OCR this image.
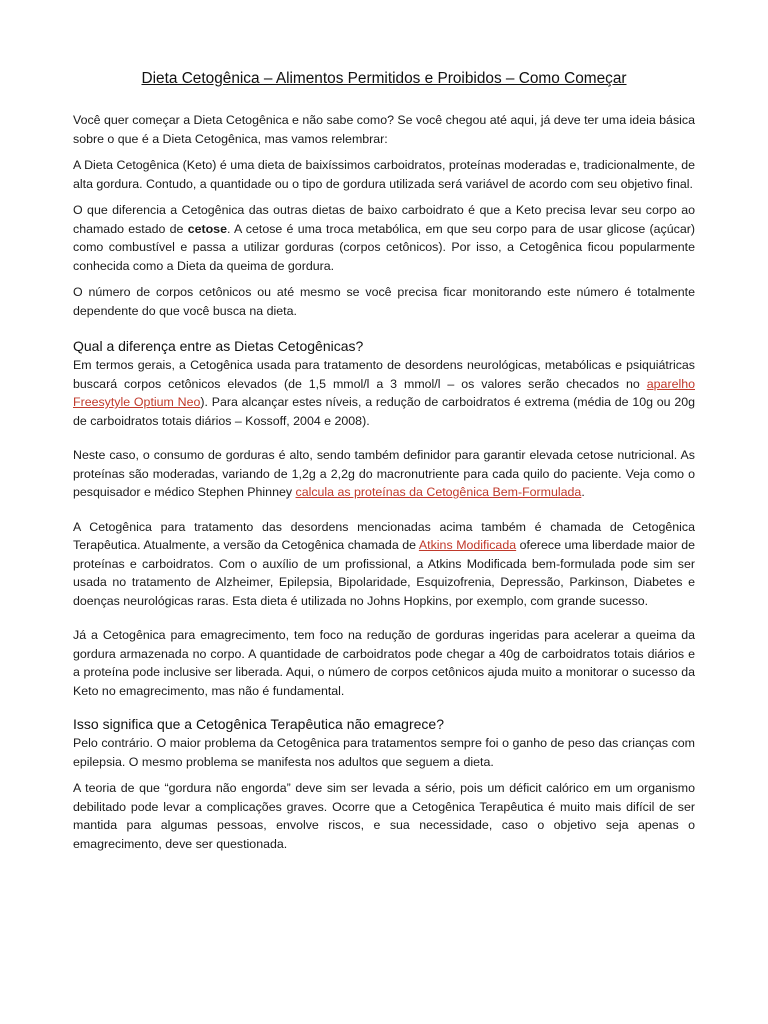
Dieta Cetogênica – Alimentos Permitidos e Proibidos – Como Começar

Você quer começar a Dieta Cetogênica e não sabe como? Se você chegou até aqui, já deve ter uma ideia básica sobre o que é a Dieta Cetogênica, mas vamos relembrar:

A Dieta Cetogênica (Keto) é uma dieta de baixíssimos carboidratos, proteínas moderadas e, tradicionalmente, de alta gordura. Contudo, a quantidade ou o tipo de gordura utilizada será variável de acordo com seu objetivo final.

O que diferencia a Cetogênica das outras dietas de baixo carboidrato é que a Keto precisa levar seu corpo ao chamado estado de cetose. A cetose é uma troca metabólica, em que seu corpo para de usar glicose (açúcar) como combustível e passa a utilizar gorduras (corpos cetônicos). Por isso, a Cetogênica ficou popularmente conhecida como a Dieta da queima de gordura.

O número de corpos cetônicos ou até mesmo se você precisa ficar monitorando este número é totalmente dependente do que você busca na dieta.

Qual a diferença entre as Dietas Cetogênicas?

Em termos gerais, a Cetogênica usada para tratamento de desordens neurológicas, metabólicas e psiquiátricas buscará corpos cetônicos elevados (de 1,5 mmol/l a 3 mmol/l – os valores serão checados no aparelho Freesytyle Optium Neo). Para alcançar estes níveis, a redução de carboidratos é extrema (média de 10g ou 20g de carboidratos totais diários – Kossoff, 2004 e 2008).

Neste caso, o consumo de gorduras é alto, sendo também definidor para garantir elevada cetose nutricional. As proteínas são moderadas, variando de 1,2g a 2,2g do macronutriente para cada quilo do paciente. Veja como o pesquisador e médico Stephen Phinney calcula as proteínas da Cetogênica Bem-Formulada.

A Cetogênica para tratamento das desordens mencionadas acima também é chamada de Cetogênica Terapêutica. Atualmente, a versão da Cetogênica chamada de Atkins Modificada oferece uma liberdade maior de proteínas e carboidratos. Com o auxílio de um profissional, a Atkins Modificada bem-formulada pode sim ser usada no tratamento de Alzheimer, Epilepsia, Bipolaridade, Esquizofrenia, Depressão, Parkinson, Diabetes e doenças neurológicas raras. Esta dieta é utilizada no Johns Hopkins, por exemplo, com grande sucesso.

Já a Cetogênica para emagrecimento, tem foco na redução de gorduras ingeridas para acelerar a queima da gordura armazenada no corpo. A quantidade de carboidratos pode chegar a 40g de carboidratos totais diários e a proteína pode inclusive ser liberada. Aqui, o número de corpos cetônicos ajuda muito a monitorar o sucesso da Keto no emagrecimento, mas não é fundamental.

Isso significa que a Cetogênica Terapêutica não emagrece?

Pelo contrário. O maior problema da Cetogênica para tratamentos sempre foi o ganho de peso das crianças com epilepsia. O mesmo problema se manifesta nos adultos que seguem a dieta.

A teoria de que “gordura não engorda” deve sim ser levada a sério, pois um déficit calórico em um organismo debilitado pode levar a complicações graves. Ocorre que a Cetogênica Terapêutica é muito mais difícil de ser mantida para algumas pessoas, envolve riscos, e sua necessidade, caso o objetivo seja apenas o emagrecimento, deve ser questionada.
